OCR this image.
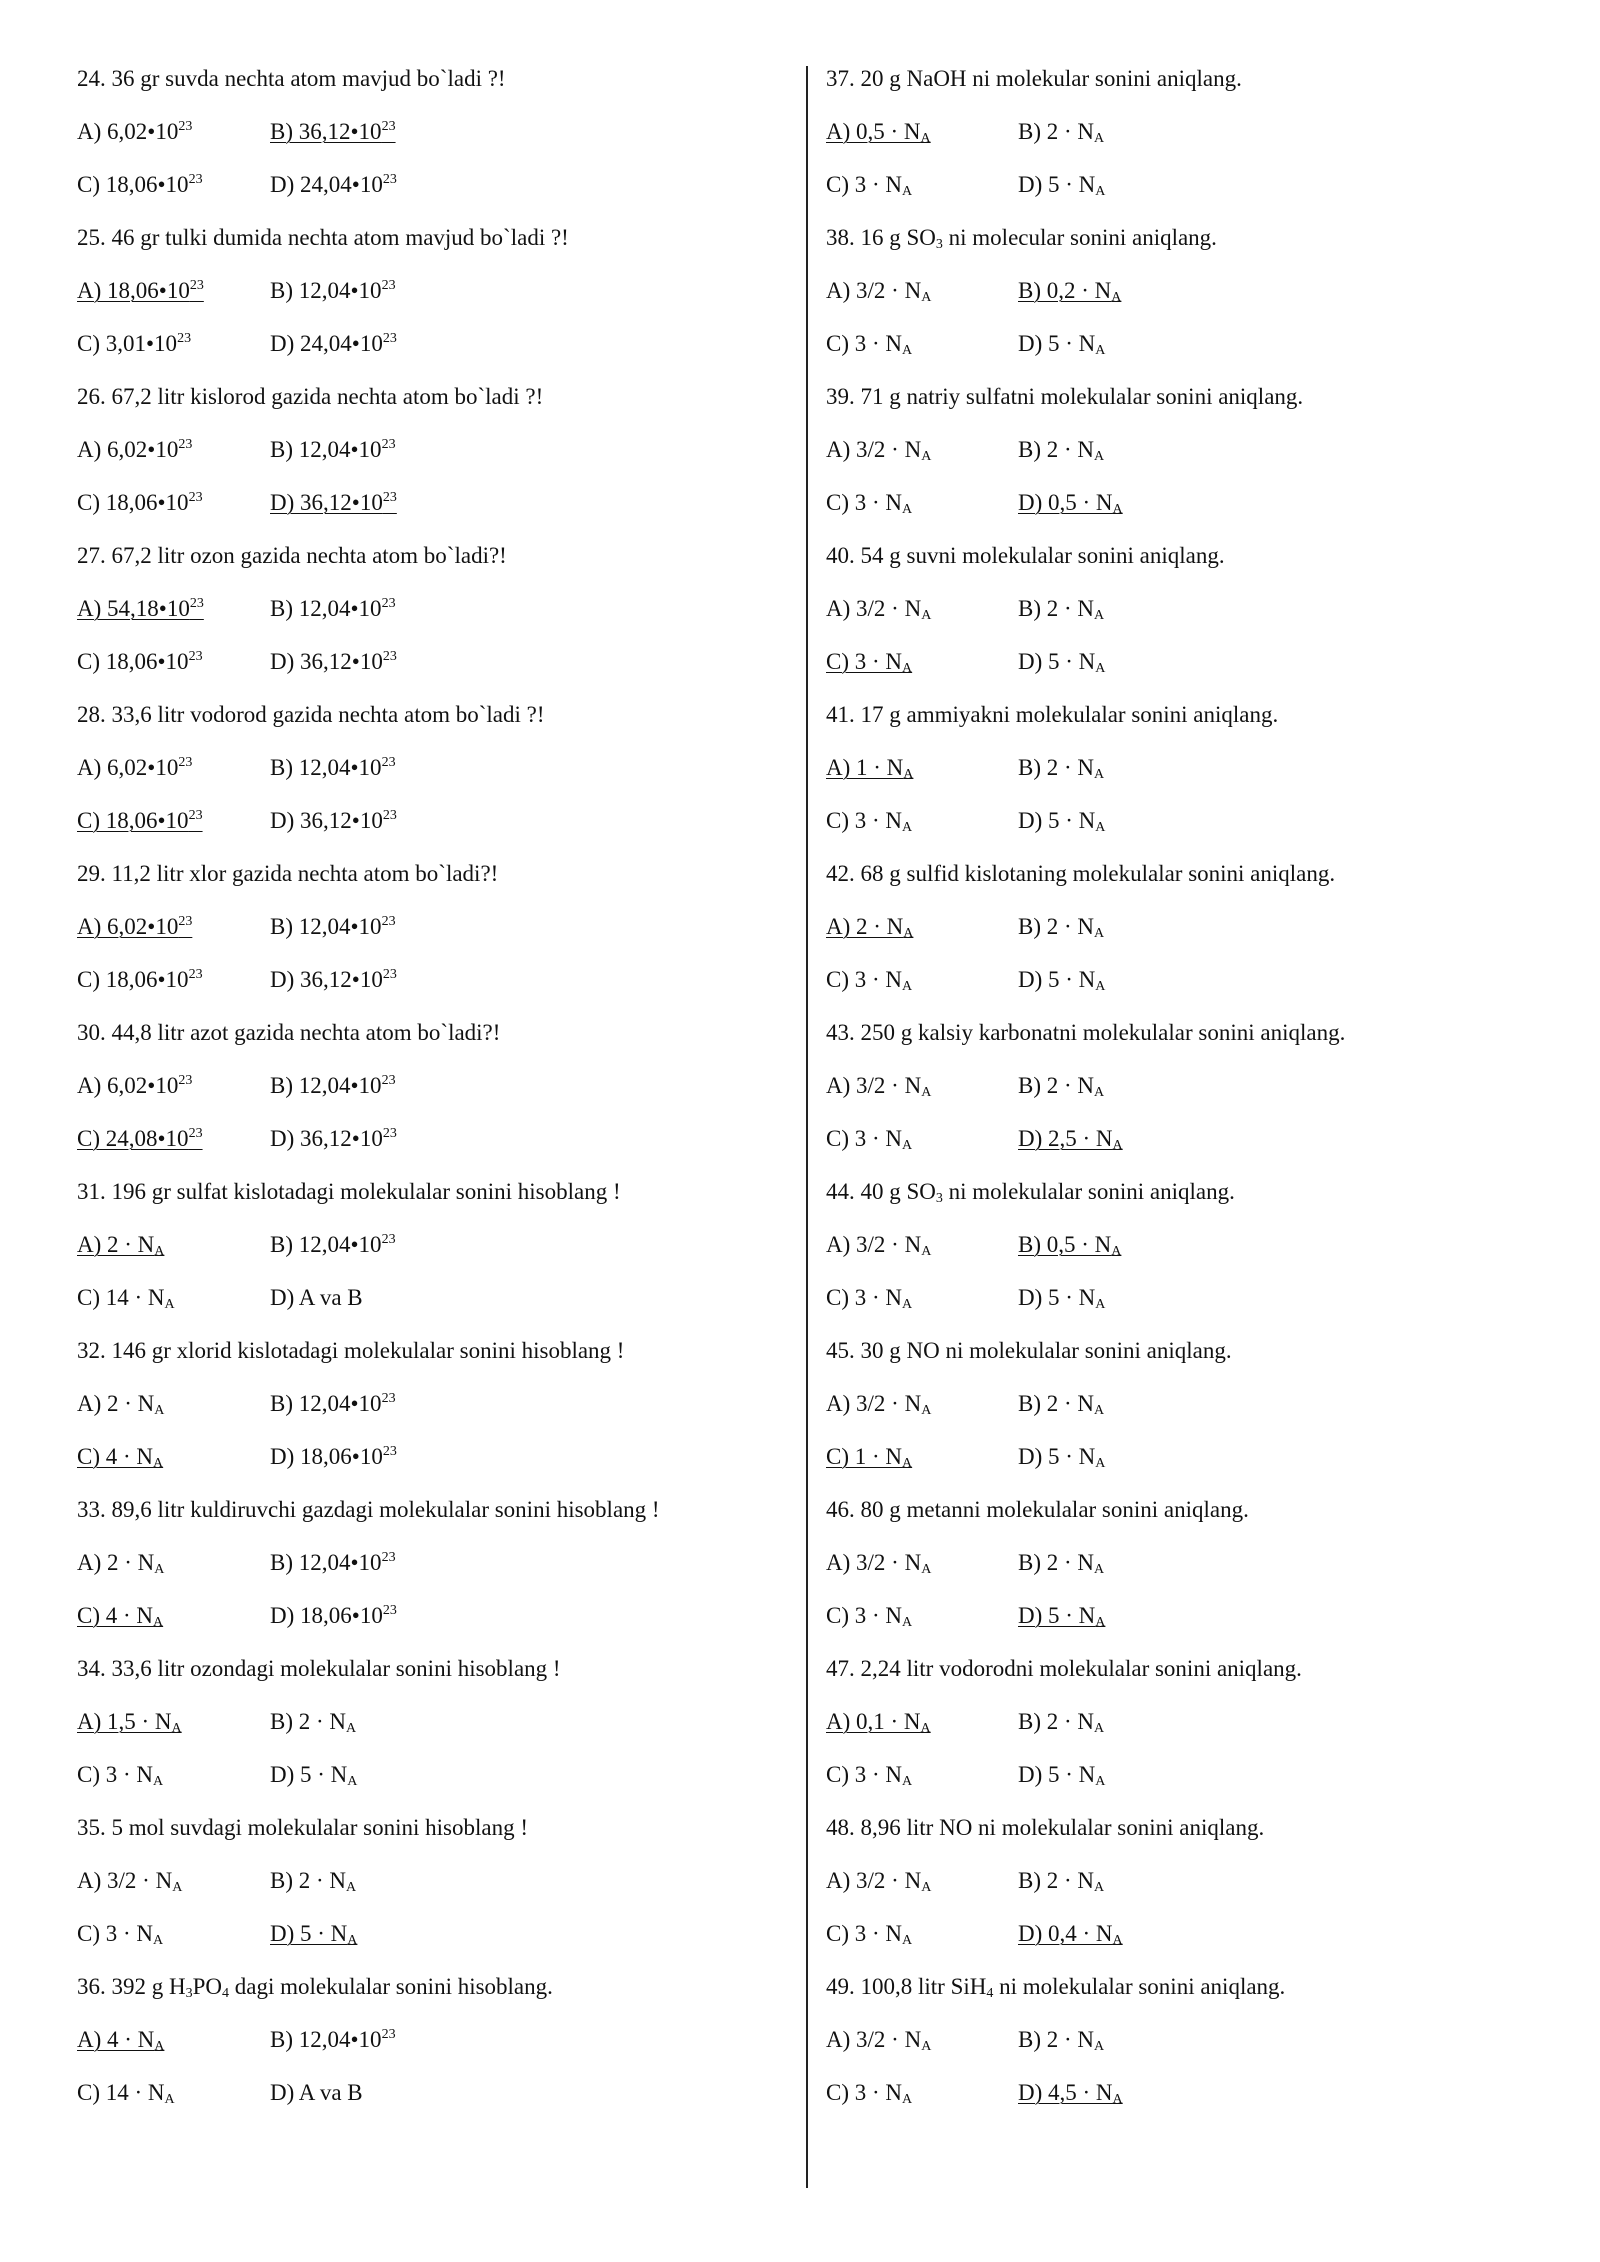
24. 36 gr suvda nechta atom mavjud bo`ladi ?!
A) $6,02•10^{23}$	B) $36,12•10^{23}$
C) $18,06•10^{23}$	D) $24,04•10^{23}$
25. 46 gr tulki dumida nechta atom mavjud bo`ladi ?!
A) $18,06•10^{23}$	B) $12,04•10^{23}$
C) $3,01•10^{23}$	D) $24,04•10^{23}$
26. 67,2 litr kislorod gazida nechta atom bo`ladi ?!
A) $6,02•10^{23}$	B) $12,04•10^{23}$
C) $18,06•10^{23}$	D) $36,12•10^{23}$
27. 67,2 litr ozon gazida nechta atom bo`ladi?!
A) $54,18•10^{23}$	B) $12,04•10^{23}$
C) $18,06•10^{23}$	D) $36,12•10^{23}$
28. 33,6 litr vodorod gazida nechta atom bo`ladi ?!
A) $6,02•10^{23}$	B) $12,04•10^{23}$
C) $18,06•10^{23}$	D) $36,12•10^{23}$
29. 11,2 litr xlor gazida nechta atom bo`ladi?!
A) $6,02•10^{23}$	B) $12,04•10^{23}$
C) $18,06•10^{23}$	D) $36,12•10^{23}$
30. 44,8 litr azot gazida nechta atom bo`ladi?!
A) $6,02•10^{23}$	B) $12,04•10^{23}$
C) $24,08•10^{23}$	D) $36,12•10^{23}$
31. 196 gr sulfat kislotadagi molekulalar sonini hisoblang !
A) $2 \cdot N_A$	B) $12,04•10^{23}$
C) $14 \cdot N_A$	D) A va B
32. 146 gr xlorid kislotadagi molekulalar sonini hisoblang !
A) $2 \cdot N_A$	B) $12,04•10^{23}$
C) $4 \cdot N_A$	D) $18,06•10^{23}$
33. 89,6 litr kuldiruvchi gazdagi molekulalar sonini hisoblang !
A) $2 \cdot N_A$	B) $12,04•10^{23}$
C) $4 \cdot N_A$	D) $18,06•10^{23}$
34. 33,6 litr ozondagi molekulalar sonini hisoblang !
A) $1,5 \cdot N_A$	B) $2 \cdot N_A$
C) $3 \cdot N_A$	D) $5 \cdot N_A$
35. 5 mol suvdagi molekulalar sonini hisoblang !
A) $3/2 \cdot N_A$	B) $2 \cdot N_A$
C) $3 \cdot N_A$	D) $5 \cdot N_A$
36. 392 g $H_3PO_4$ dagi molekulalar sonini hisoblang.
A) $4 \cdot N_A$	B) $12,04•10^{23}$
C) $14 \cdot N_A$	D) A va B
37. 20 g NaOH ni molekular sonini aniqlang.
A) $0,5 \cdot N_A$	B) $2 \cdot N_A$
C) $3 \cdot N_A$	D) $5 \cdot N_A$
38. 16 g $SO_3$ ni molecular sonini aniqlang.
A) $3/2 \cdot N_A$	B) $0,2 \cdot N_A$
C) $3 \cdot N_A$	D) $5 \cdot N_A$
39. 71 g natriy sulfatni molekulalar sonini aniqlang.
A) $3/2 \cdot N_A$	B) $2 \cdot N_A$
C) $3 \cdot N_A$	D) $0,5 \cdot N_A$
40. 54 g suvni molekulalar sonini aniqlang.
A) $3/2 \cdot N_A$	B) $2 \cdot N_A$
C) $3 \cdot N_A$	D) $5 \cdot N_A$
41. 17 g ammiyakni molekulalar sonini aniqlang.
A) $1 \cdot N_A$	B) $2 \cdot N_A$
C) $3 \cdot N_A$	D) $5 \cdot N_A$
42. 68 g sulfid kislotaning molekulalar sonini aniqlang.
A) $2 \cdot N_A$	B) $2 \cdot N_A$
C) $3 \cdot N_A$	D) $5 \cdot N_A$
43. 250 g kalsiy karbonatni molekulalar sonini aniqlang.
A) $3/2 \cdot N_A$	B) $2 \cdot N_A$
C) $3 \cdot N_A$	D) $2,5 \cdot N_A$
44. 40 g $SO_3$ ni molekulalar sonini aniqlang.
A) $3/2 \cdot N_A$	B) $0,5 \cdot N_A$
C) $3 \cdot N_A$	D) $5 \cdot N_A$
45. 30 g NO ni molekulalar sonini aniqlang.
A) $3/2 \cdot N_A$	B) $2 \cdot N_A$
C) $1 \cdot N_A$	D) $5 \cdot N_A$
46. 80 g metanni molekulalar sonini aniqlang.
A) $3/2 \cdot N_A$	B) $2 \cdot N_A$
C) $3 \cdot N_A$	D) $5 \cdot N_A$
47. 2,24 litr vodorodni molekulalar sonini aniqlang.
A) $0,1 \cdot N_A$	B) $2 \cdot N_A$
C) $3 \cdot N_A$	D) $5 \cdot N_A$
48. 8,96 litr NO ni molekulalar sonini aniqlang.
A) $3/2 \cdot N_A$	B) $2 \cdot N_A$
C) $3 \cdot N_A$	D) $0,4 \cdot N_A$
49. 100,8 litr SiH$_4$ ni molekulalar sonini aniqlang.
A) $3/2 \cdot N_A$	B) $2 \cdot N_A$
C) $3 \cdot N_A$	D) $4,5 \cdot N_A$
